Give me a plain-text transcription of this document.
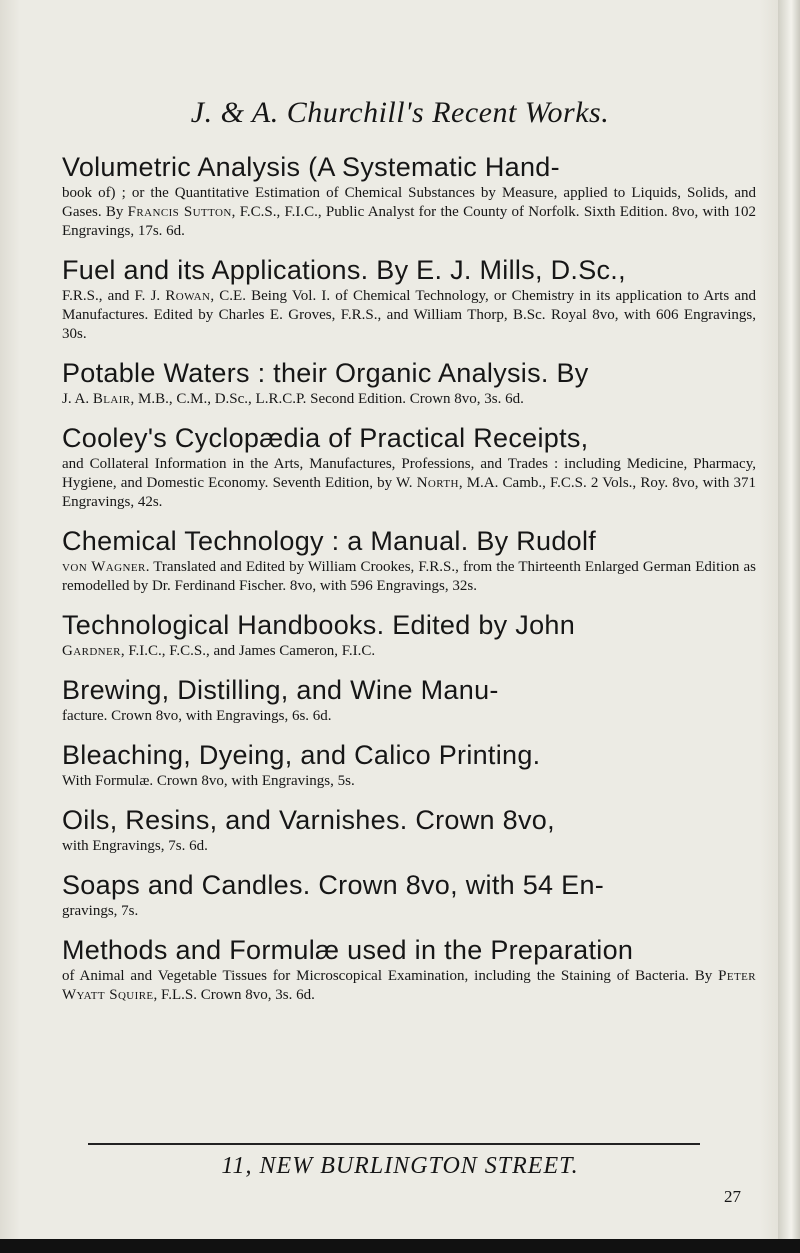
J. & A. Churchill's Recent Works.
Volumetric Analysis (A Systematic Hand-
book of) ; or the Quantitative Estimation of Chemical Substances by Measure, applied to Liquids, Solids, and Gases. By Francis Sutton, F.C.S., F.I.C., Public Analyst for the County of Norfolk. Sixth Edition. 8vo, with 102 Engravings, 17s. 6d.
Fuel and its Applications. By E. J. Mills, D.Sc.,
F.R.S., and F. J. Rowan, C.E. Being Vol. I. of Chemical Technology, or Chemistry in its application to Arts and Manufactures. Edited by Charles E. Groves, F.R.S., and William Thorp, B.Sc. Royal 8vo, with 606 Engravings, 30s.
Potable Waters : their Organic Analysis. By
J. A. Blair, M.B., C.M., D.Sc., L.R.C.P. Second Edition. Crown 8vo, 3s. 6d.
Cooley's Cyclopædia of Practical Receipts,
and Collateral Information in the Arts, Manufactures, Professions, and Trades : including Medicine, Pharmacy, Hygiene, and Domestic Economy. Seventh Edition, by W. North, M.A. Camb., F.C.S. 2 Vols., Roy. 8vo, with 371 Engravings, 42s.
Chemical Technology : a Manual. By Rudolf
von Wagner. Translated and Edited by William Crookes, F.R.S., from the Thirteenth Enlarged German Edition as remodelled by Dr. Ferdinand Fischer. 8vo, with 596 Engravings, 32s.
Technological Handbooks. Edited by John
Gardner, F.I.C., F.C.S., and James Cameron, F.I.C.
Brewing, Distilling, and Wine Manu-
facture. Crown 8vo, with Engravings, 6s. 6d.
Bleaching, Dyeing, and Calico Printing.
With Formulæ. Crown 8vo, with Engravings, 5s.
Oils, Resins, and Varnishes. Crown 8vo,
with Engravings, 7s. 6d.
Soaps and Candles. Crown 8vo, with 54 En-
gravings, 7s.
Methods and Formulæ used in the Preparation
of Animal and Vegetable Tissues for Microscopical Examination, including the Staining of Bacteria. By Peter Wyatt Squire, F.L.S. Crown 8vo, 3s. 6d.
11, NEW BURLINGTON STREET.
27
